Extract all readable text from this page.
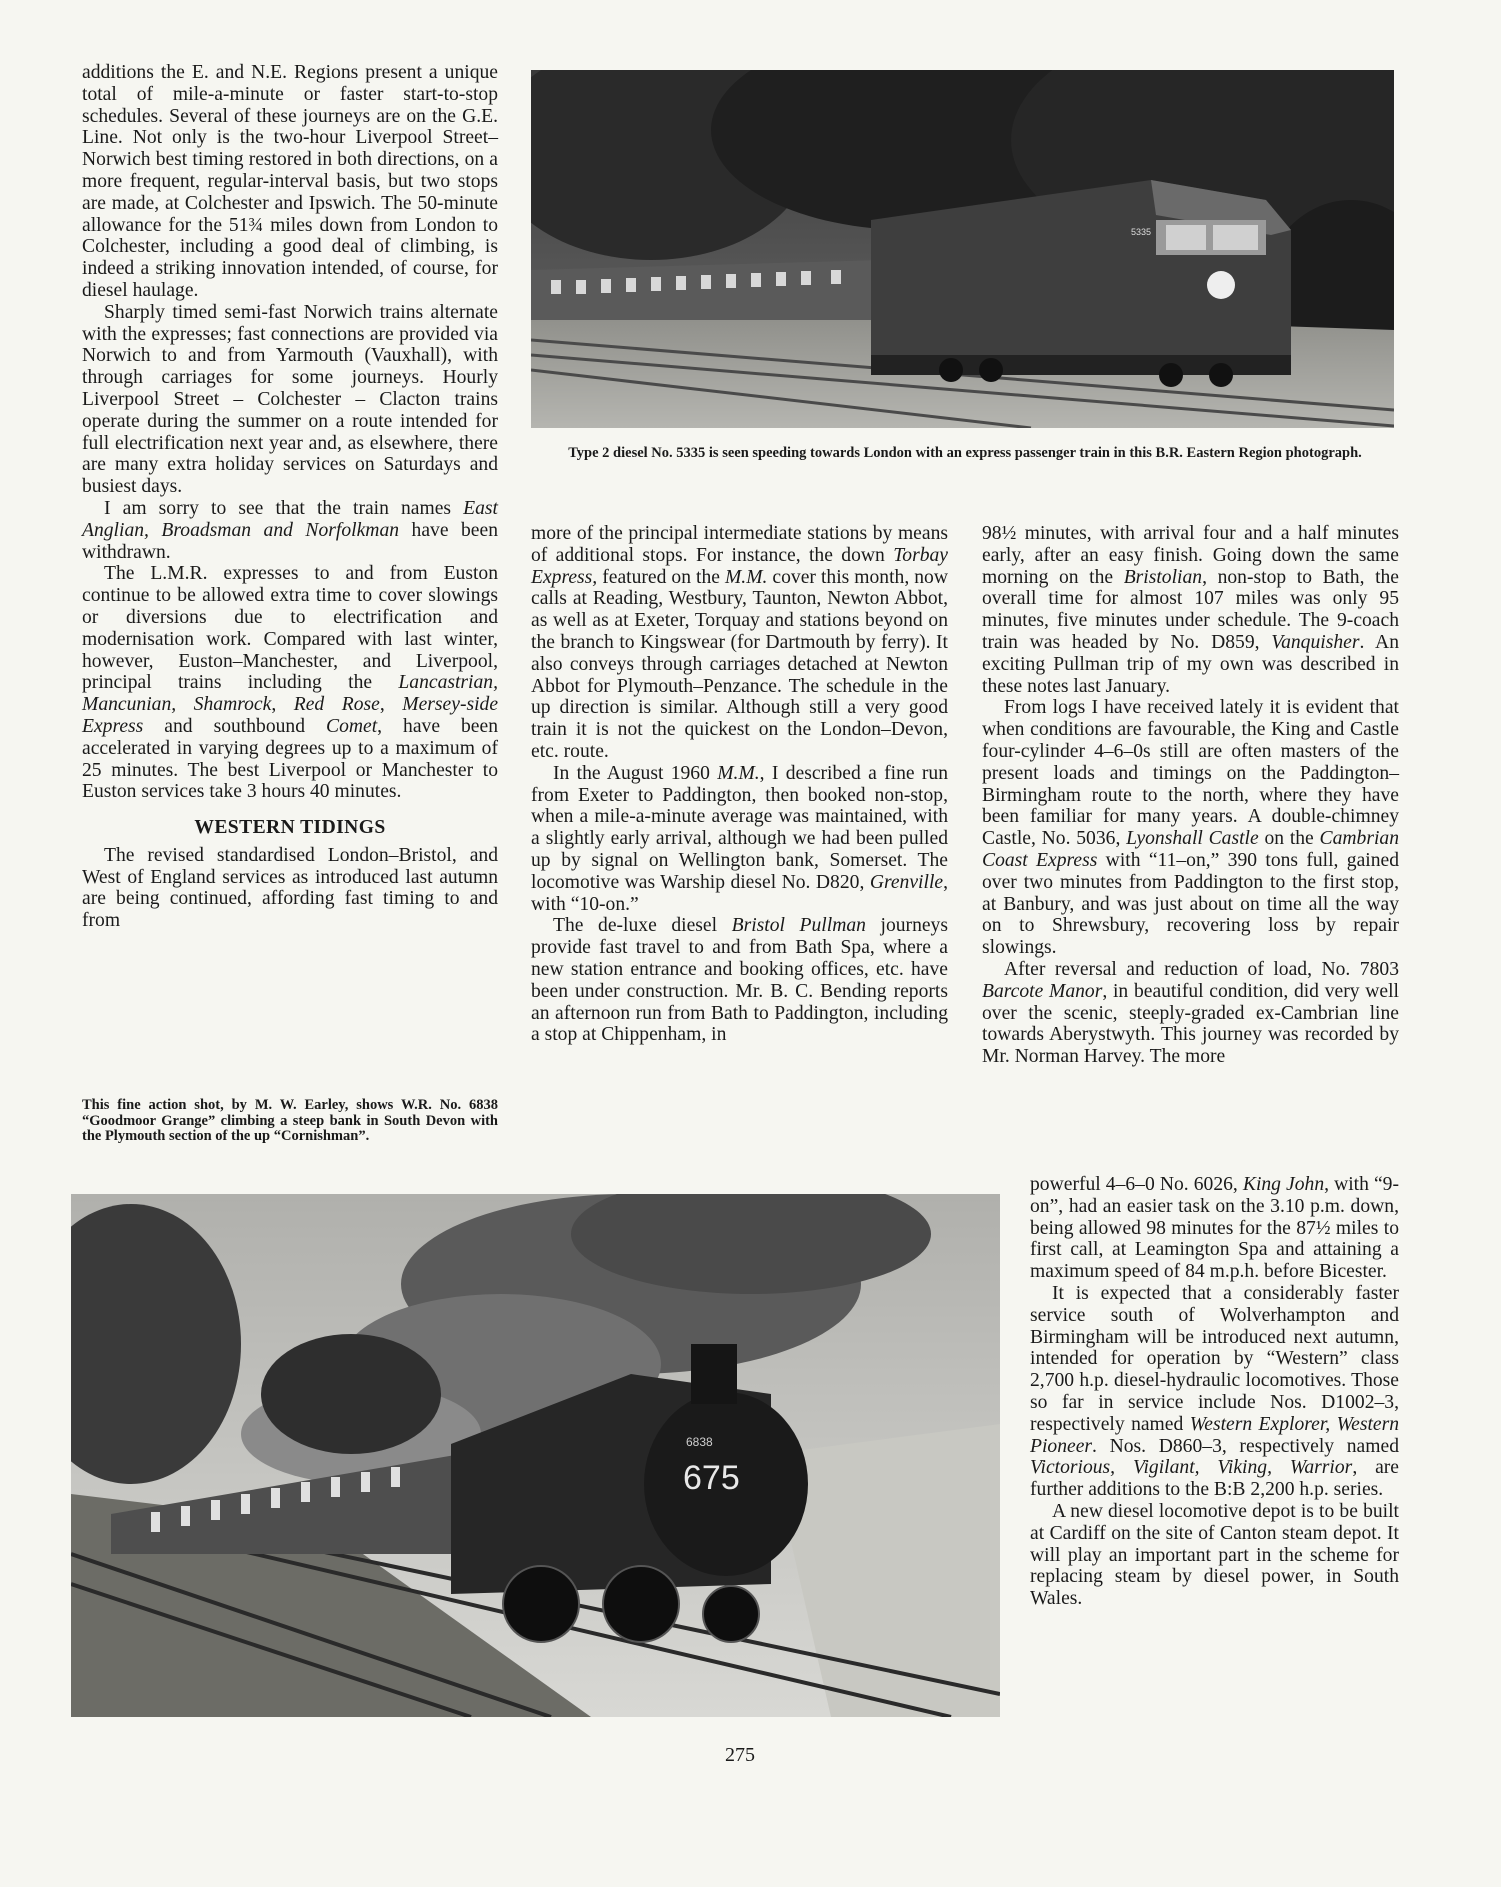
5335
Type 2 diesel No. 5335 is seen speeding towards London with an express passenger train in this B.R. Eastern Region photograph.

additions the E. and N.E. Regions present a unique total of mile-a-minute or faster start-to-stop schedules. Several of these journeys are on the G.E. Line. Not only is the two-hour Liverpool Street–Norwich best timing restored in both directions, on a more frequent, regular-interval basis, but two stops are made, at Colchester and Ipswich. The 50-minute allowance for the 51¾ miles down from London to Colchester, including a good deal of climbing, is indeed a striking innovation intended, of course, for diesel haulage.

Sharply timed semi-fast Norwich trains alternate with the expresses; fast connections are provided via Norwich to and from Yarmouth (Vauxhall), with through carriages for some journeys. Hourly Liverpool Street – Colchester – Clacton trains operate during the summer on a route intended for full electrification next year and, as elsewhere, there are many extra holiday services on Saturdays and busiest days.

I am sorry to see that the train names East Anglian, Broadsman and Norfolkman have been withdrawn.

The L.M.R. expresses to and from Euston continue to be allowed extra time to cover slowings or diversions due to electrification and modernisation work. Compared with last winter, however, Euston–Manchester, and Liverpool, principal trains including the Lancastrian, Mancunian, Shamrock, Red Rose, Mersey-side Express and southbound Comet, have been accelerated in varying degrees up to a maximum of 25 minutes. The best Liverpool or Manchester to Euston services take 3 hours 40 minutes.

WESTERN TIDINGS

The revised standardised London–Bristol, and West of England services as introduced last autumn are being continued, affording fast timing to and from

This fine action shot, by M. W. Earley, shows W.R. No. 6838 “Goodmoor Grange” climbing a steep bank in South Devon with the Plymouth section of the up “Cornishman”.

more of the principal intermediate stations by means of additional stops. For instance, the down Torbay Express, featured on the M.M. cover this month, now calls at Reading, Westbury, Taunton, Newton Abbot, as well as at Exeter, Torquay and stations beyond on the branch to Kingswear (for Dartmouth by ferry). It also conveys through carriages detached at Newton Abbot for Plymouth–Penzance. The schedule in the up direction is similar. Although still a very good train it is not the quickest on the London–Devon, etc. route.

In the August 1960 M.M., I described a fine run from Exeter to Paddington, then booked non-stop, when a mile-a-minute average was maintained, with a slightly early arrival, although we had been pulled up by signal on Wellington bank, Somerset. The locomotive was Warship diesel No. D820, Grenville, with “10-on.”

The de-luxe diesel Bristol Pullman journeys provide fast travel to and from Bath Spa, where a new station entrance and booking offices, etc. have been under construction. Mr. B. C. Bending reports an afternoon run from Bath to Paddington, including a stop at Chippenham, in

98½ minutes, with arrival four and a half minutes early, after an easy finish. Going down the same morning on the Bristolian, non-stop to Bath, the overall time for almost 107 miles was only 95 minutes, five minutes under schedule. The 9-coach train was headed by No. D859, Vanquisher. An exciting Pullman trip of my own was described in these notes last January.

From logs I have received lately it is evident that when conditions are favourable, the King and Castle four-cylinder 4–6–0s still are often masters of the present loads and timings on the Paddington–Birmingham route to the north, where they have been familiar for many years. A double-chimney Castle, No. 5036, Lyonshall Castle on the Cambrian Coast Express with “11–on,” 390 tons full, gained over two minutes from Paddington to the first stop, at Banbury, and was just about on time all the way on to Shrewsbury, recovering loss by repair slowings.

After reversal and reduction of load, No. 7803 Barcote Manor, in beautiful condition, did very well over the scenic, steeply-graded ex-Cambrian line towards Aberystwyth. This journey was recorded by Mr. Norman Harvey. The more

powerful 4–6–0 No. 6026, King John, with “9-on”, had an easier task on the 3.10 p.m. down, being allowed 98 minutes for the 87½ miles to first call, at Leamington Spa and attaining a maximum speed of 84 m.p.h. before Bicester.

It is expected that a considerably faster service south of Wolverhampton and Birmingham will be introduced next autumn, intended for operation by “Western” class 2,700 h.p. diesel-hydraulic locomotives. Those so far in service include Nos. D1002–3, respectively named Western Explorer, Western Pioneer. Nos. D860–3, respectively named Victorious, Vigilant, Viking, Warrior, are further additions to the B:B 2,200 h.p. series.

A new diesel locomotive depot is to be built at Cardiff on the site of Canton steam depot. It will play an important part in the scheme for replacing steam by diesel power, in South Wales.

6838
675
275
